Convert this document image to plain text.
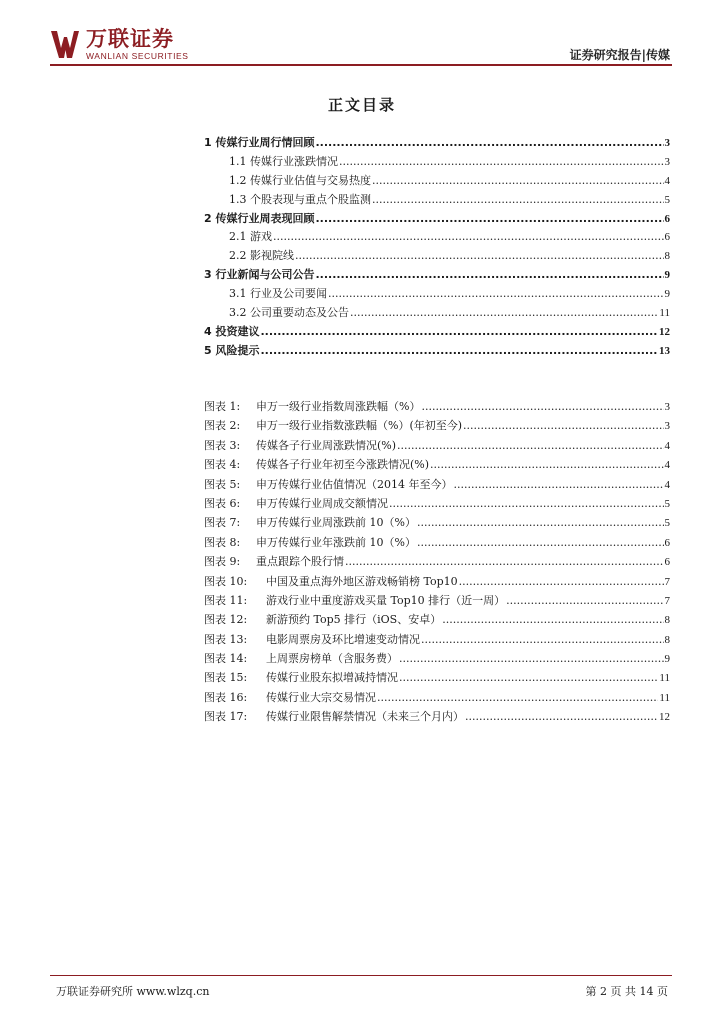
万联证券
WANLIAN SECURITIES	证券研究报告|传媒
正文目录
1 传媒行业周行情回顾 .....	3
1.1 传媒行业涨跌情况 .....	3
1.2 传媒行业估值与交易热度 .....	4
1.3 个股表现与重点个股监测 .....	5
2 传媒行业周表现回顾 .....	6
2.1 游戏 .....	6
2.2 影视院线 .....	8
3 行业新闻与公司公告 .....	9
3.1 行业及公司要闻 .....	9
3.2 公司重要动态及公告 .....	11
4 投资建议 .....	12
5 风险提示 .....	13
图表 1: 申万一级行业指数周涨跌幅（%） .....	3
图表 2: 申万一级行业指数涨跌幅（%）(年初至今) .....	3
图表 3: 传媒各子行业周涨跌情况(%) .....	4
图表 4: 传媒各子行业年初至今涨跌情况(%) .....	4
图表 5: 申万传媒行业估值情况（2014 年至今） .....	4
图表 6: 申万传媒行业周成交额情况 .....	5
图表 7: 申万传媒行业周涨跌前 10（%） .....	5
图表 8: 申万传媒行业年涨跌前 10（%） .....	6
图表 9: 重点跟踪个股行情 .....	6
图表 10: 中国及重点海外地区游戏畅销榜 Top10 .....	7
图表 11: 游戏行业中重度游戏买量 Top10 排行（近一周） .....	7
图表 12: 新游预约 Top5 排行（iOS、安卓） .....	8
图表 13: 电影周票房及环比增速变动情况 .....	8
图表 14: 上周票房榜单（含服务费） .....	9
图表 15: 传媒行业股东拟增减持情况 .....	11
图表 16: 传媒行业大宗交易情况 .....	11
图表 17: 传媒行业限售解禁情况（未来三个月内） .....	12
万联证券研究所 www.wlzq.cn	第 2 页 共 14 页
